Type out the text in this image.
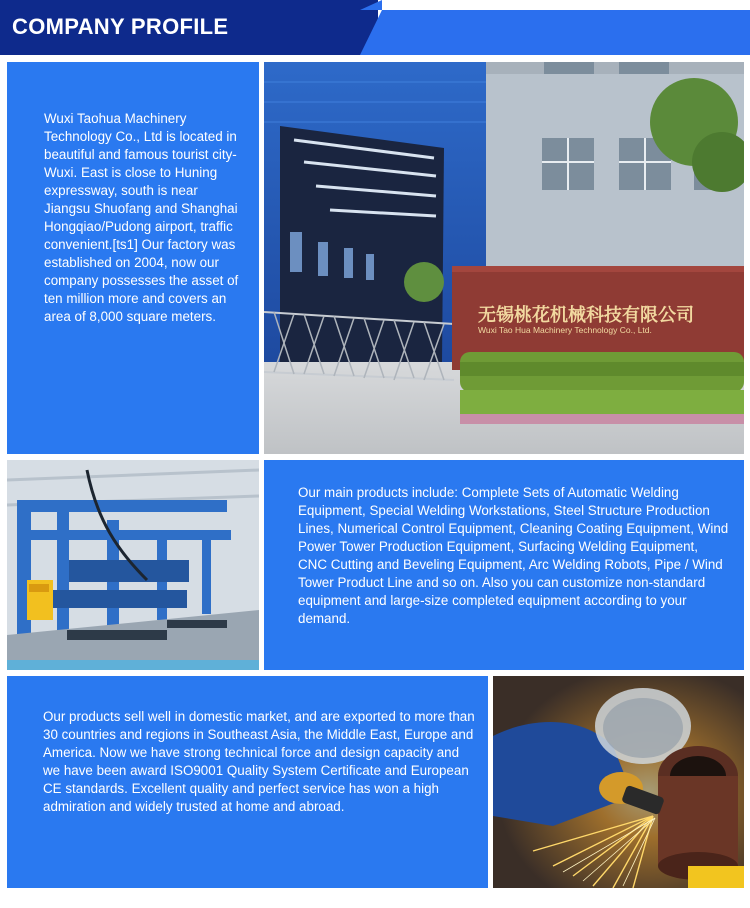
COMPANY PROFILE

Wuxi Taohua Machinery Technology Co., Ltd is located in beautiful and famous tourist city-Wuxi. East is close to Huning expressway, south is near Jiangsu Shuofang and Shanghai Hongqiao/Pudong airport, traffic convenient.[ts1] Our factory was established on 2004, now our company possesses the asset of ten million more and covers an area of 8,000 square meters.	无锡桃花机械科技有限公司
Wuxi Tao Hua Machinery Technology Co., Ltd.

Our main products include: Complete Sets of Automatic Welding Equipment, Special Welding Workstations, Steel Structure Production Lines, Numerical Control Equipment, Cleaning Coating Equipment, Wind Power Tower Production Equipment, Surfacing Welding Equipment, CNC Cutting and Beveling Equipment, Arc Welding Robots, Pipe / Wind Tower Product Line and so on. Also you can customize non-standard equipment and large-size completed equipment according to your demand.

Our products sell well in domestic market, and are exported to more than 30 countries and regions in Southeast Asia, the Middle East, Europe and America. Now we have strong technical force and design capacity and we have been award ISO9001 Quality System Certificate and European CE standards. Excellent quality and perfect service has won a high admiration and widely trusted at home and abroad.
